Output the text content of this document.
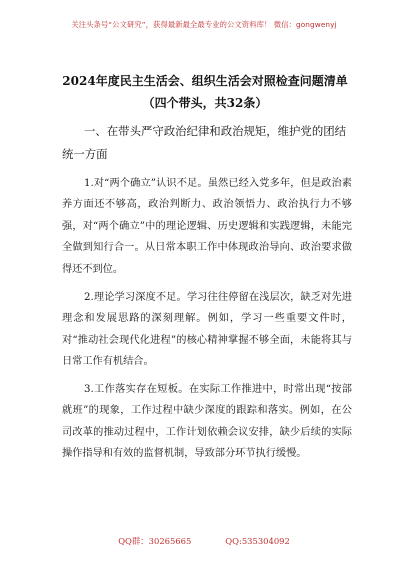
关注头条号“公文研究”，获得最新最全最专业的公文资料库！ 微信：gongwenyj
2024年度民主生活会、组织生活会对照检查问题清单（四个带头，共32条）
一、在带头严守政治纪律和政治规矩，维护党的团结统一方面
1.对“两个确立”认识不足。虽然已经入党多年，但是政治素养方面还不够高，政治判断力、政治领悟力、政治执行力不够强，对“两个确立”中的理论逻辑、历史逻辑和实践逻辑，未能完全做到知行合一。从日常本职工作中体现政治导向、政治要求做得还不到位。
2.理论学习深度不足。学习往往停留在浅层次，缺乏对先进理念和发展思路的深刻理解。例如，学习一些重要文件时，对“推动社会现代化进程”的核心精神掌握不够全面，未能将其与日常工作有机结合。
3.工作落实存在短板。在实际工作推进中，时常出现“按部就班”的现象，工作过程中缺少深度的跟踪和落实。例如，在公司改革的推动过程中，工作计划依赖会议安排，缺少后续的实际操作指导和有效的监督机制，导致部分环节执行缓慢。
QQ群：30265665	QQ:535304092
